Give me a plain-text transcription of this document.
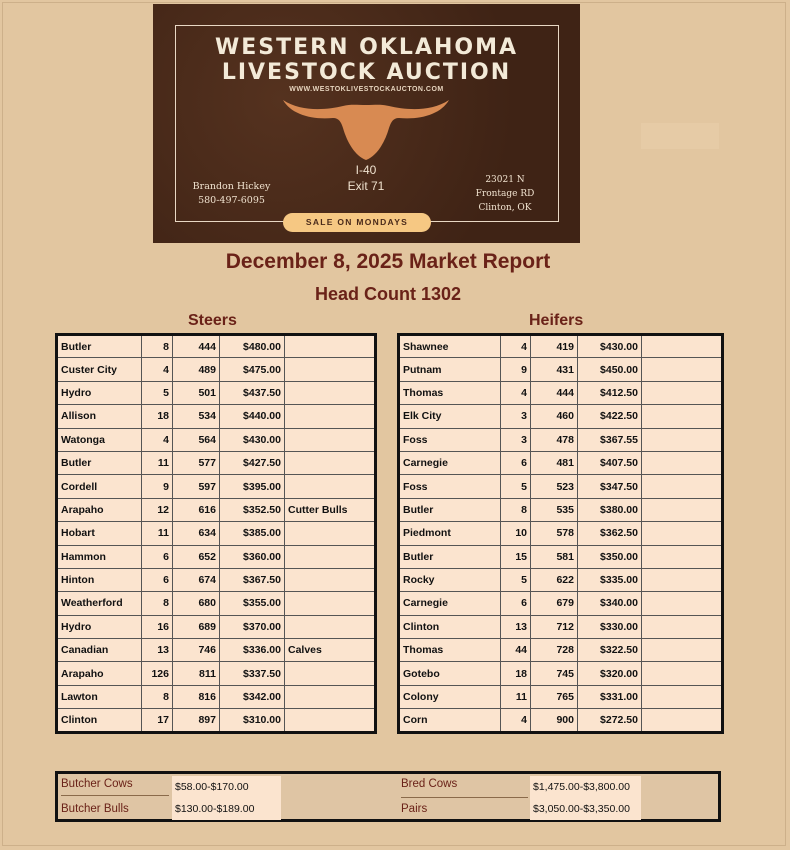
WESTERN OKLAHOMA
LIVESTOCK AUCTION
WWW.WESTOKLIVESTOCKAUCTON.COM
I-40
Exit 71
Brandon Hickey
580-497-6095
23021 N
Frontage RD
Clinton, OK
SALE ON MONDAYS
December 8, 2025 Market Report
Head Count 1302
Steers	Heifers
Butler	8	444	$480.00	
Custer City	4	489	$475.00	
Hydro	5	501	$437.50	
Allison	18	534	$440.00	
Watonga	4	564	$430.00	
Butler	11	577	$427.50	
Cordell	9	597	$395.00	
Arapaho	12	616	$352.50	Cutter Bulls
Hobart	11	634	$385.00	
Hammon	6	652	$360.00	
Hinton	6	674	$367.50	
Weatherford	8	680	$355.00	
Hydro	16	689	$370.00	
Canadian	13	746	$336.00	Calves
Arapaho	126	811	$337.50	
Lawton	8	816	$342.00	
Clinton	17	897	$310.00	
Shawnee	4	419	$430.00	
Putnam	9	431	$450.00	
Thomas	4	444	$412.50	
Elk City	3	460	$422.50	
Foss	3	478	$367.55	
Carnegie	6	481	$407.50	
Foss	5	523	$347.50	
Butler	8	535	$380.00	
Piedmont	10	578	$362.50	
Butler	15	581	$350.00	
Rocky	5	622	$335.00	
Carnegie	6	679	$340.00	
Clinton	13	712	$330.00	
Thomas	44	728	$322.50	
Gotebo	18	745	$320.00	
Colony	11	765	$331.00	
Corn	4	900	$272.50	
Butcher Cows	$58.00-$170.00
Butcher Bulls	$130.00-$189.00
Bred Cows	$1,475.00-$3,800.00
Pairs	$3,050.00-$3,350.00
